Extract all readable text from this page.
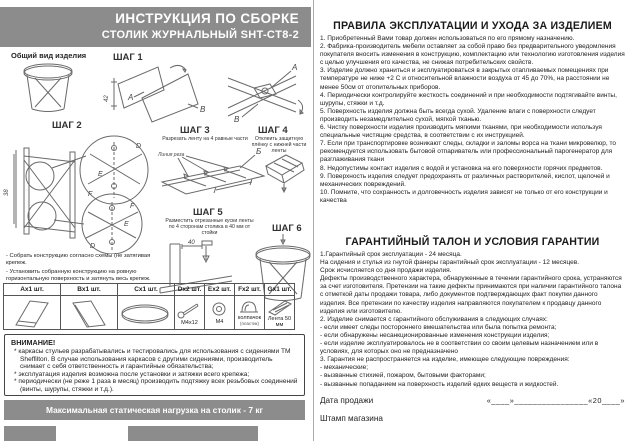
ИНСТРУКЦИЯ ПО СБОРКЕ
СТОЛИК ЖУРНАЛЬНЫЙ SHT-CT8-2
Общий вид изделия	ШАГ 1
42 A
B
A
B
ШАГ 2
38
D
E
F
F
E
D
ШАГ 3
Разрезать ленту на 4 равные части
Линия реза	Б
ШАГ 4
Отклеить защитную плёнку с нижней части ленты
ШАГ 5
Разместить отрезанные куски ленты по 4 сторонам столика в 40 мм от стойки
40
ШАГ 6
- Собрать конструкцию согласно схемы (не затягивая крепеж.
- Установить собранную конструкцию на ровную горизонтальную поверхность и затянуть весь крепеж.
Ах1 шт.	Вх1 шт.	Сх1 шт.	Dх2 шт.	Ех2 шт.	Fх2 шт.	Gх1 шт.

M4x12	M4	колпачок
(пластик)	Лента 50 мм
ВНИМАНИЕ!
* каркасы стульев разрабатывались и тестировались для использования с сидениями ТМ Sheffilton. В случае использования каркасов с другими сидениями, производитель снимает с себя ответственность и гарантийные обязательства;
* эксплуатация изделия возможна после установки и затяжки всего крепежа;
* периодически (не реже 1 раза в месяц) производить подтяжку всех резьбовых соединений (винты, шурупы, стяжки и т.д.).
Максимальная статическая нагрузка на столик - 7 кг
ПРАВИЛА ЭКСПЛУАТАЦИИ И УХОДА ЗА ИЗДЕЛИЕМ
1. Приобретенный Вами товар должен использоваться по его прямому назначению.
2. Фабрика-производитель мебели оставляет за собой право без предварительного уведомления покупателя вносить изменения в конструкцию, комплектацию или технологию изготовления изделия с целью улучшения его качества, не снижая потребительских свойств.
3. Изделие должно храниться и эксплуатироваться в закрытых отапливаемых помещениях при температуре не ниже +2 С и относительной влажности воздуха от 45 до 70%, на расстоянии не менее 50см от отопительных приборов.
4. Периодически контролируйте жесткость соединений и при необходимости подтягивайте винты, шурупы, стяжки и т.д.
5. Поверхность изделия должна быть всегда сухой. Удаление влаги с поверхности следует производить незамедлительно сухой, мягкой тканью.
6. Чистку поверхности изделия производить мягкими тканями, при необходимости используя специальные чистящие средства, в соответствии с их инструкцией.
7. Если при транспортировке возникают следы, складки и заломы ворса на ткани микровелюр, то рекомендуется использовать бытовой отпариватель или профессиональный парогенератор для разглаживания ткани
8. Недопустимы контакт изделия с водой и установка на его поверхности горячих предметов.
9. Поверхность изделия следует предохранять от различных растворителей, кислот, щелочей и механических повреждений.
10. Помните, что сохранность и долговечность изделия зависят не только от его конструкции и качества
ГАРАНТИЙНЫЙ ТАЛОН И УСЛОВИЯ ГАРАНТИИ
1.Гарантийный срок эксплуатации - 24 месяца.
На сидения и стулья из гнутой фанеры гарантийный срок эксплуатации - 12 месяцев.
Срок исчисляется со дня продажи изделия.
Дефекты производственного характера, обнаруженные в течении гарантийного срока, устраняются за счет изготовителя. Претензии на такие дефекты принимаются при наличии гарантийного талона с отметкой даты продажи товара, либо документов подтверждающих факт покупки данного изделия. Все претензии по качеству изделия направляются покупателем к продавцу данного изделия или изготовителю.
2. Изделие снимается с гарантийного обслуживания в следующих случаях:
- если имеет следы постороннего вмешательства или была попытка ремонта;
- если обнаружены несанкционированные изменения конструкции изделия;
- если изделие эксплуатировалось не в соответствии со своим целевым назначением или в условиях, для которых оно не предназначено
3. Гарантия не распространяется на изделие, имеющее следующие повреждения:
- механические;
- вызванные стихией, пожаром, бытовыми факторами;
- вызванные попаданием на поверхность изделий едких веществ и жидкостей.
Дата продажи	«____»________________«20____»
Штамп магазина
